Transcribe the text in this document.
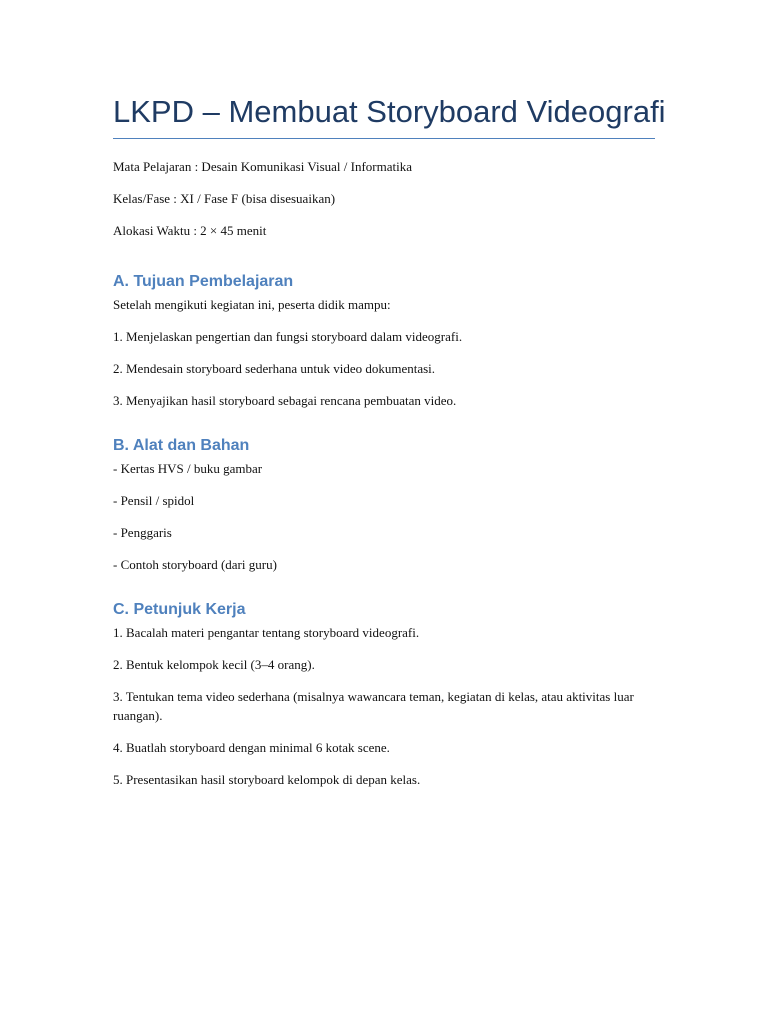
LKPD – Membuat Storyboard Videografi

Mata Pelajaran : Desain Komunikasi Visual / Informatika

Kelas/Fase : XI / Fase F (bisa disesuaikan)

Alokasi Waktu : 2 × 45 menit

A. Tujuan Pembelajaran

Setelah mengikuti kegiatan ini, peserta didik mampu:

1. Menjelaskan pengertian dan fungsi storyboard dalam videografi.

2. Mendesain storyboard sederhana untuk video dokumentasi.

3. Menyajikan hasil storyboard sebagai rencana pembuatan video.

B. Alat dan Bahan

- Kertas HVS / buku gambar

- Pensil / spidol

- Penggaris

- Contoh storyboard (dari guru)

C. Petunjuk Kerja

1. Bacalah materi pengantar tentang storyboard videografi.

2. Bentuk kelompok kecil (3–4 orang).

3. Tentukan tema video sederhana (misalnya wawancara teman, kegiatan di kelas, atau aktivitas luar ruangan).

4. Buatlah storyboard dengan minimal 6 kotak scene.

5. Presentasikan hasil storyboard kelompok di depan kelas.
